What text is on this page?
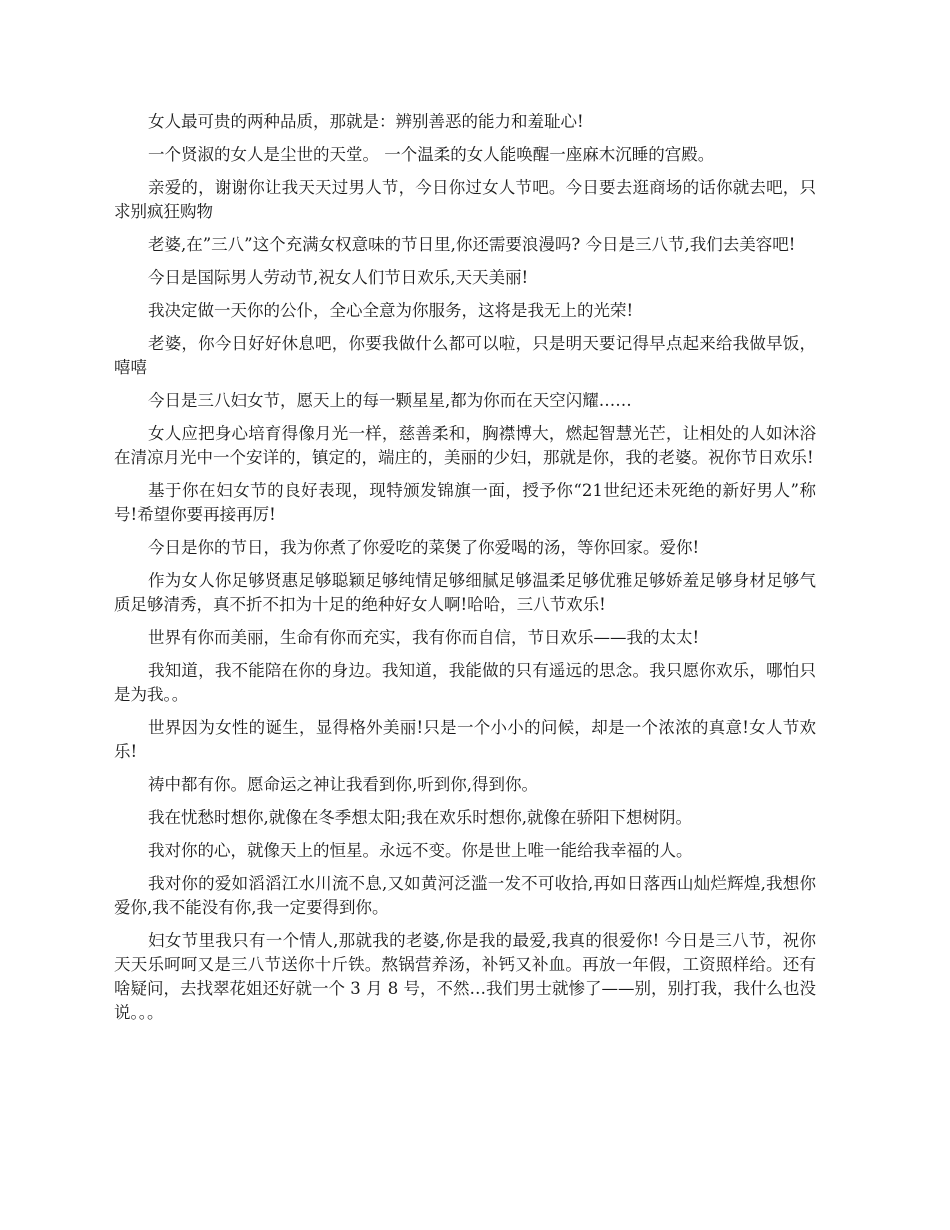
女人最可贵的两种品质，那就是：辨别善恶的能力和羞耻心!

一个贤淑的女人是尘世的天堂。 一个温柔的女人能唤醒一座麻木沉睡的宫殿。

亲爱的，谢谢你让我天天过男人节，今日你过女人节吧。今日要去逛商场的话你就去吧，只求别疯狂购物

老婆,在”三八”这个充满女权意味的节日里,你还需要浪漫吗? 今日是三八节,我们去美容吧!

今日是国际男人劳动节,祝女人们节日欢乐,天天美丽!

我决定做一天你的公仆，全心全意为你服务，这将是我无上的光荣!

老婆，你今日好好休息吧，你要我做什么都可以啦，只是明天要记得早点起来给我做早饭，嘻嘻

今日是三八妇女节，愿天上的每一颗星星,都为你而在天空闪耀……

女人应把身心培育得像月光一样，慈善柔和，胸襟博大，燃起智慧光芒，让相处的人如沐浴在清凉月光中一个安详的，镇定的，端庄的，美丽的少妇，那就是你，我的老婆。祝你节日欢乐!

基于你在妇女节的良好表现，现特颁发锦旗一面，授予你“21世纪还未死绝的新好男人”称号!希望你要再接再厉!

今日是你的节日，我为你煮了你爱吃的菜煲了你爱喝的汤，等你回家。爱你!

作为女人你足够贤惠足够聪颖足够纯情足够细腻足够温柔足够优雅足够娇羞足够身材足够气质足够清秀，真不折不扣为十足的绝种好女人啊!哈哈，三八节欢乐!

世界有你而美丽，生命有你而充实，我有你而自信，节日欢乐——我的太太!

我知道，我不能陪在你的身边。我知道，我能做的只有遥远的思念。我只愿你欢乐，哪怕只是为我。。

世界因为女性的诞生，显得格外美丽!只是一个小小的问候，却是一个浓浓的真意!女人节欢乐!

祷中都有你。愿命运之神让我看到你,听到你,得到你。

我在忧愁时想你,就像在冬季想太阳;我在欢乐时想你,就像在骄阳下想树阴。

我对你的心，就像天上的恒星。永远不变。你是世上唯一能给我幸福的人。

我对你的爱如滔滔江水川流不息,又如黄河泛滥一发不可收拾,再如日落西山灿烂辉煌,我想你爱你,我不能没有你,我一定要得到你。

妇女节里我只有一个情人,那就我的老婆,你是我的最爱,我真的很爱你! 今日是三八节，祝你天天乐呵呵又是三八节送你十斤铁。熬锅营养汤，补钙又补血。再放一年假，工资照样给。还有啥疑问，去找翠花姐还好就一个 3 月 8 号，不然…我们男士就惨了——别，别打我，我什么也没说。。。
